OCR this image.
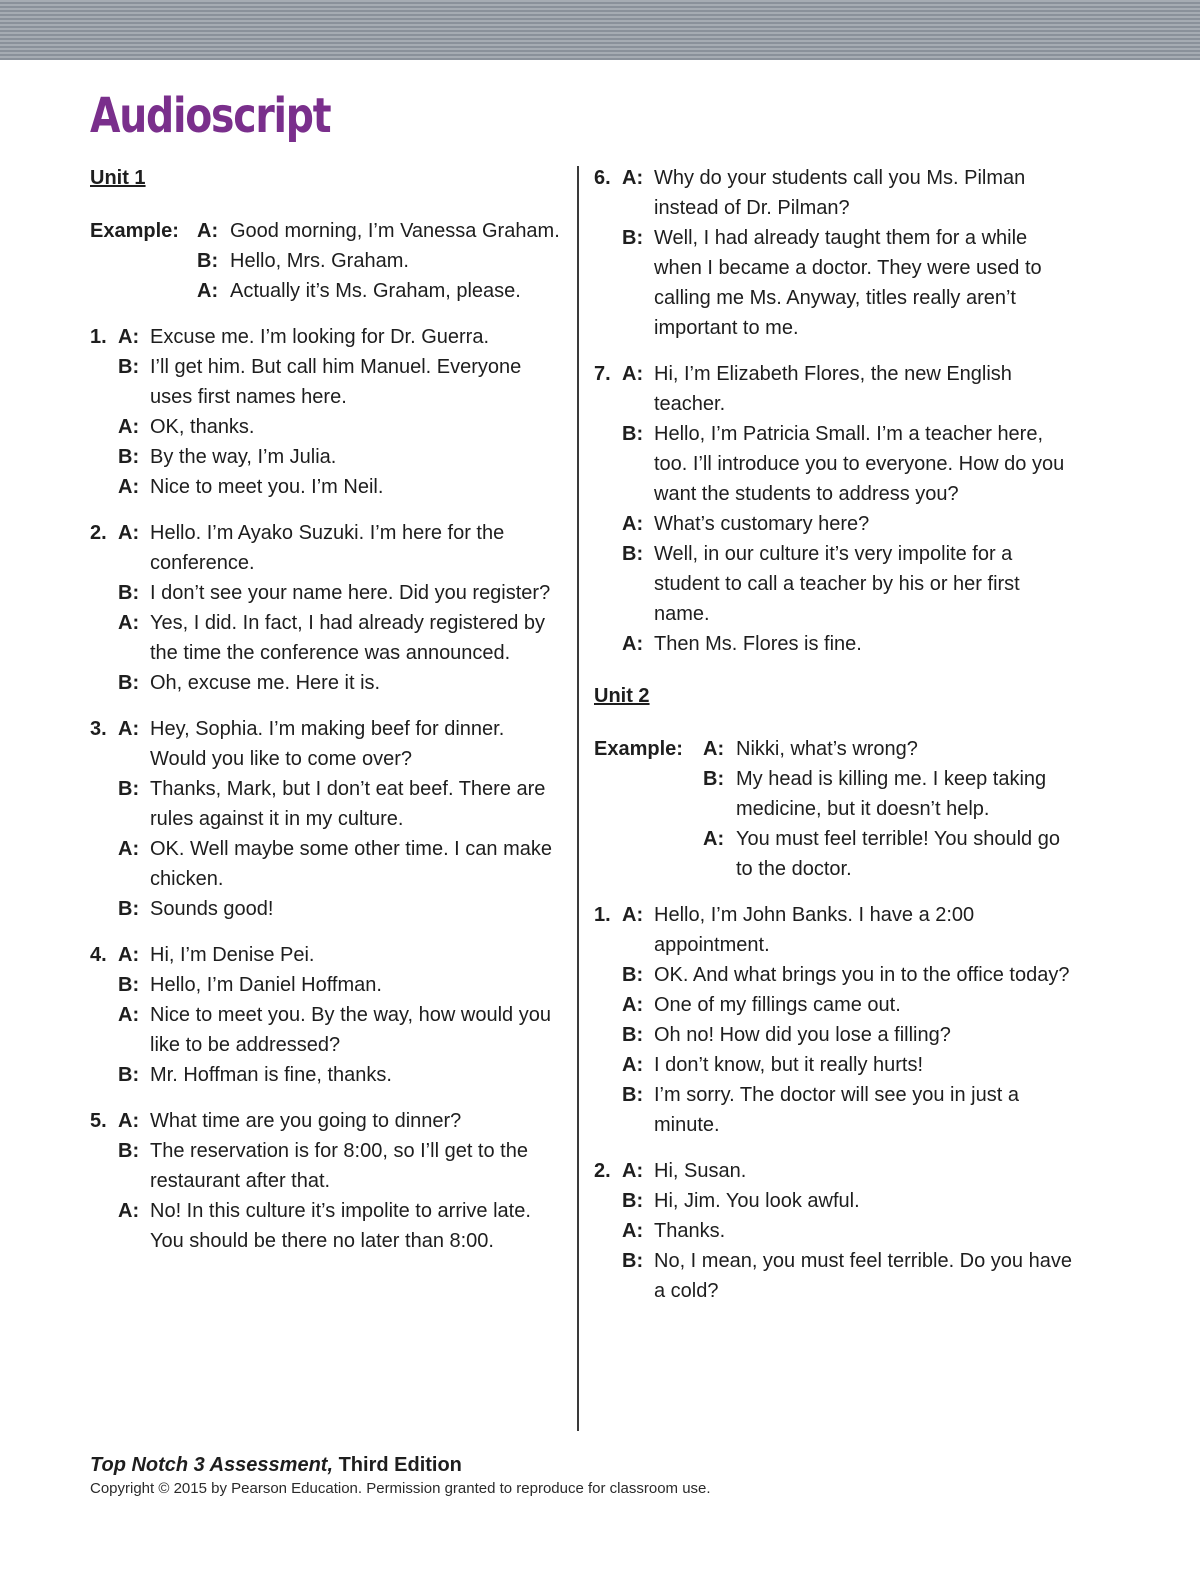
Audioscript
Unit 1
Example: A: Good morning, I’m Vanessa Graham.
B: Hello, Mrs. Graham.
A: Actually it’s Ms. Graham, please.
1. A: Excuse me. I’m looking for Dr. Guerra.
B: I’ll get him. But call him Manuel. Everyone uses first names here.
A: OK, thanks.
B: By the way, I’m Julia.
A: Nice to meet you. I’m Neil.
2. A: Hello. I’m Ayako Suzuki. I’m here for the conference.
B: I don’t see your name here. Did you register?
A: Yes, I did. In fact, I had already registered by the time the conference was announced.
B: Oh, excuse me. Here it is.
3. A: Hey, Sophia. I’m making beef for dinner. Would you like to come over?
B: Thanks, Mark, but I don’t eat beef. There are rules against it in my culture.
A: OK. Well maybe some other time. I can make chicken.
B: Sounds good!
4. A: Hi, I’m Denise Pei.
B: Hello, I’m Daniel Hoffman.
A: Nice to meet you. By the way, how would you like to be addressed?
B: Mr. Hoffman is fine, thanks.
5. A: What time are you going to dinner?
B: The reservation is for 8:00, so I’ll get to the restaurant after that.
A: No! In this culture it’s impolite to arrive late. You should be there no later than 8:00.
6. A: Why do your students call you Ms. Pilman instead of Dr. Pilman?
B: Well, I had already taught them for a while when I became a doctor. They were used to calling me Ms. Anyway, titles really aren’t important to me.
7. A: Hi, I’m Elizabeth Flores, the new English teacher.
B: Hello, I’m Patricia Small. I’m a teacher here, too. I’ll introduce you to everyone. How do you want the students to address you?
A: What’s customary here?
B: Well, in our culture it’s very impolite for a student to call a teacher by his or her first name.
A: Then Ms. Flores is fine.
Unit 2
Example: A: Nikki, what’s wrong?
B: My head is killing me. I keep taking medicine, but it doesn’t help.
A: You must feel terrible! You should go to the doctor.
1. A: Hello, I’m John Banks. I have a 2:00 appointment.
B: OK. And what brings you in to the office today?
A: One of my fillings came out.
B: Oh no! How did you lose a filling?
A: I don’t know, but it really hurts!
B: I’m sorry. The doctor will see you in just a minute.
2. A: Hi, Susan.
B: Hi, Jim. You look awful.
A: Thanks.
B: No, I mean, you must feel terrible. Do you have a cold?
Top Notch 3 Assessment, Third Edition
Copyright © 2015 by Pearson Education. Permission granted to reproduce for classroom use.
